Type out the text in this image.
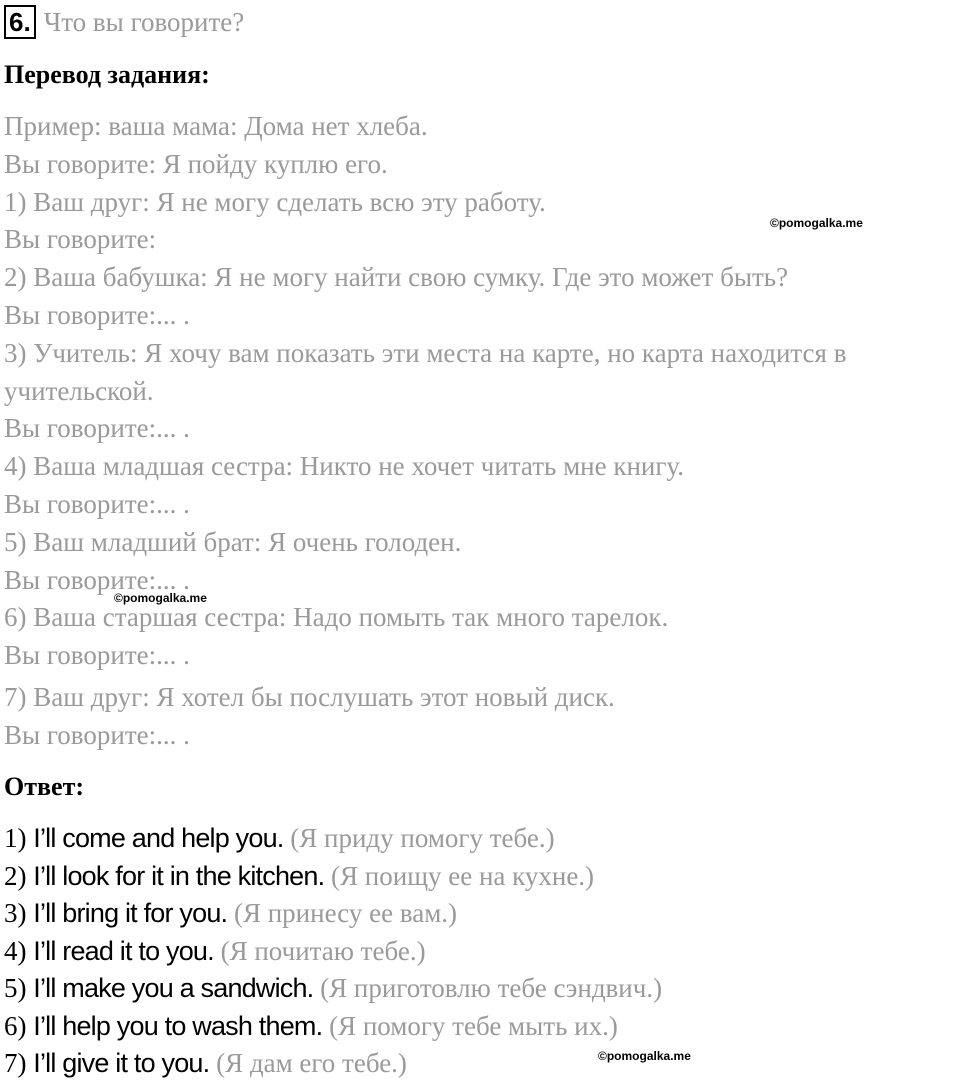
6. Что вы говорите?
Перевод задания:
Пример: ваша мама: Дома нет хлеба.
Вы говорите: Я пойду куплю его.
1) Ваш друг: Я не могу сделать всю эту работу.
Вы говорите:
2) Ваша бабушка: Я не могу найти свою сумку. Где это может быть?
Вы говорите:... .
3) Учитель: Я хочу вам показать эти места на карте, но карта находится в
учительской.
Вы говорите:... .
4) Ваша младшая сестра: Никто не хочет читать мне книгу.
Вы говорите:... .
5) Ваш младший брат: Я очень голоден.
Вы говорите:... .
6) Ваша старшая сестра: Надо помыть так много тарелок.
Вы говорите:... .
7) Ваш друг: Я хотел бы послушать этот новый диск.
Вы говорите:... .
Ответ:
1) I’ll come and help you. (Я приду помогу тебе.)
2) I’ll look for it in the kitchen. (Я поищу ее на кухне.)
3) I’ll bring it for you. (Я принесу ее вам.)
4) I’ll read it to you. (Я почитаю тебе.)
5) I’ll make you a sandwich. (Я приготовлю тебе сэндвич.)
6) I’ll help you to wash them. (Я помогу тебе мыть их.)
7) I’ll give it to you. (Я дам его тебе.)
©pomogalka.me
©pomogalka.me
©pomogalka.me
